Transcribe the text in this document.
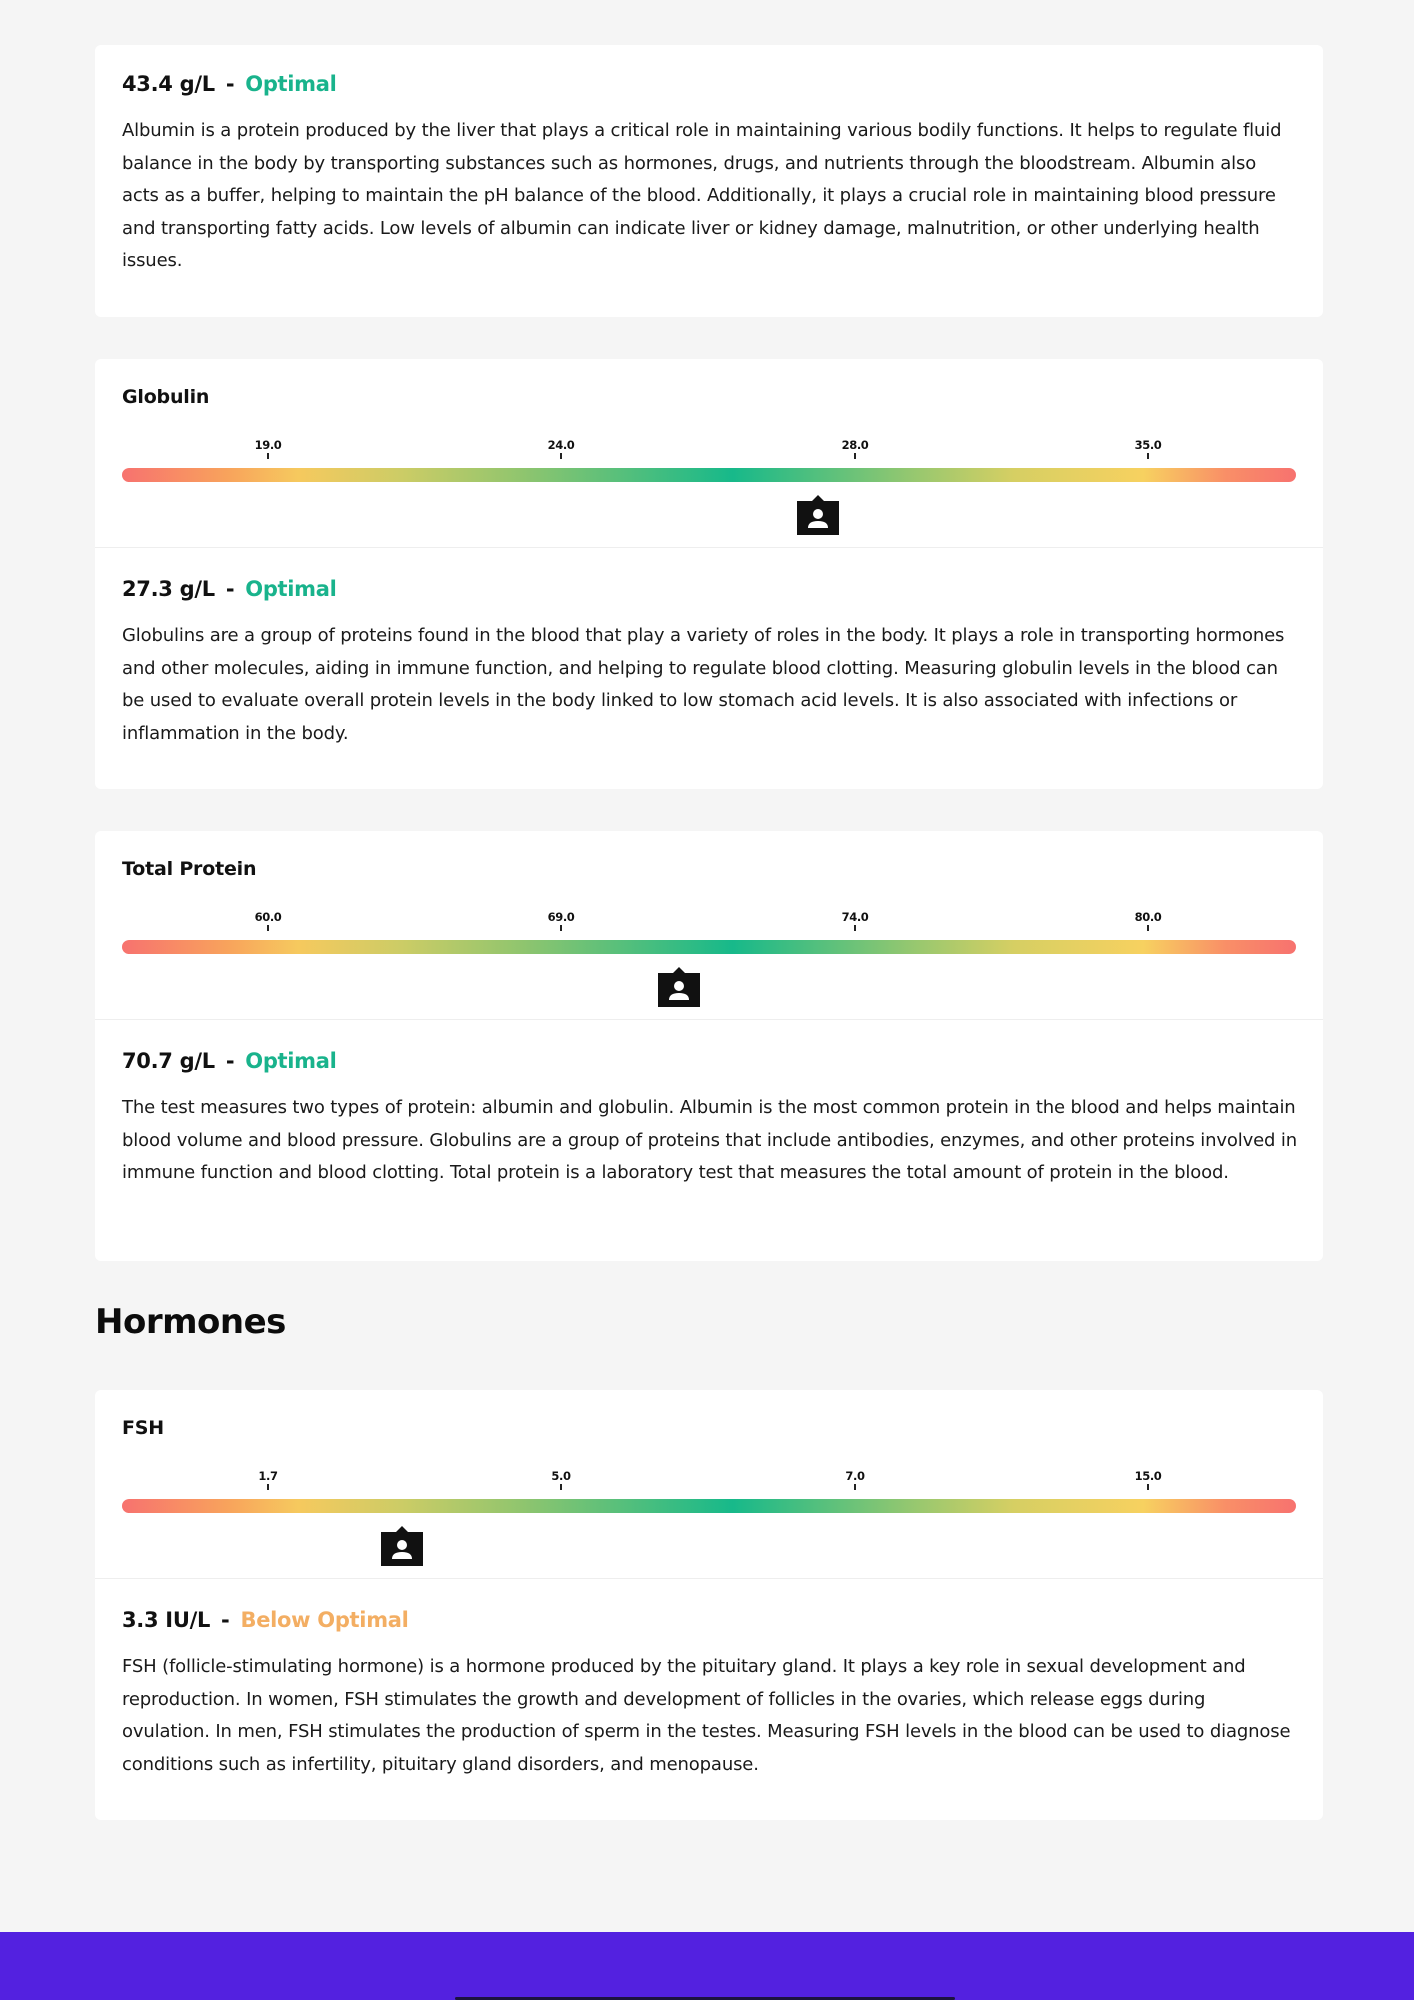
43.4 g/L - Optimal
Albumin is a protein produced by the liver that plays a critical role in maintaining various bodily functions. It helps to regulate fluid balance in the body by transporting substances such as hormones, drugs, and nutrients through the bloodstream. Albumin also acts as a buffer, helping to maintain the pH balance of the blood. Additionally, it plays a crucial role in maintaining blood pressure and transporting fatty acids. Low levels of albumin can indicate liver or kidney damage, malnutrition, or other underlying health issues.
Globulin
19.0	24.0	28.0	35.0
27.3 g/L - Optimal
Globulins are a group of proteins found in the blood that play a variety of roles in the body. It plays a role in transporting hormones and other molecules, aiding in immune function, and helping to regulate blood clotting. Measuring globulin levels in the blood can be used to evaluate overall protein levels in the body linked to low stomach acid levels. It is also associated with infections or inflammation in the body.
Total Protein
60.0	69.0	74.0	80.0
70.7 g/L - Optimal
The test measures two types of protein: albumin and globulin. Albumin is the most common protein in the blood and helps maintain blood volume and blood pressure. Globulins are a group of proteins that include antibodies, enzymes, and other proteins involved in immune function and blood clotting. Total protein is a laboratory test that measures the total amount of protein in the blood.
Hormones
FSH
1.7	5.0	7.0	15.0
3.3 IU/L - Below Optimal
FSH (follicle-stimulating hormone) is a hormone produced by the pituitary gland. It plays a key role in sexual development and reproduction. In women, FSH stimulates the growth and development of follicles in the ovaries, which release eggs during ovulation. In men, FSH stimulates the production of sperm in the testes. Measuring FSH levels in the blood can be used to diagnose conditions such as infertility, pituitary gland disorders, and menopause.
